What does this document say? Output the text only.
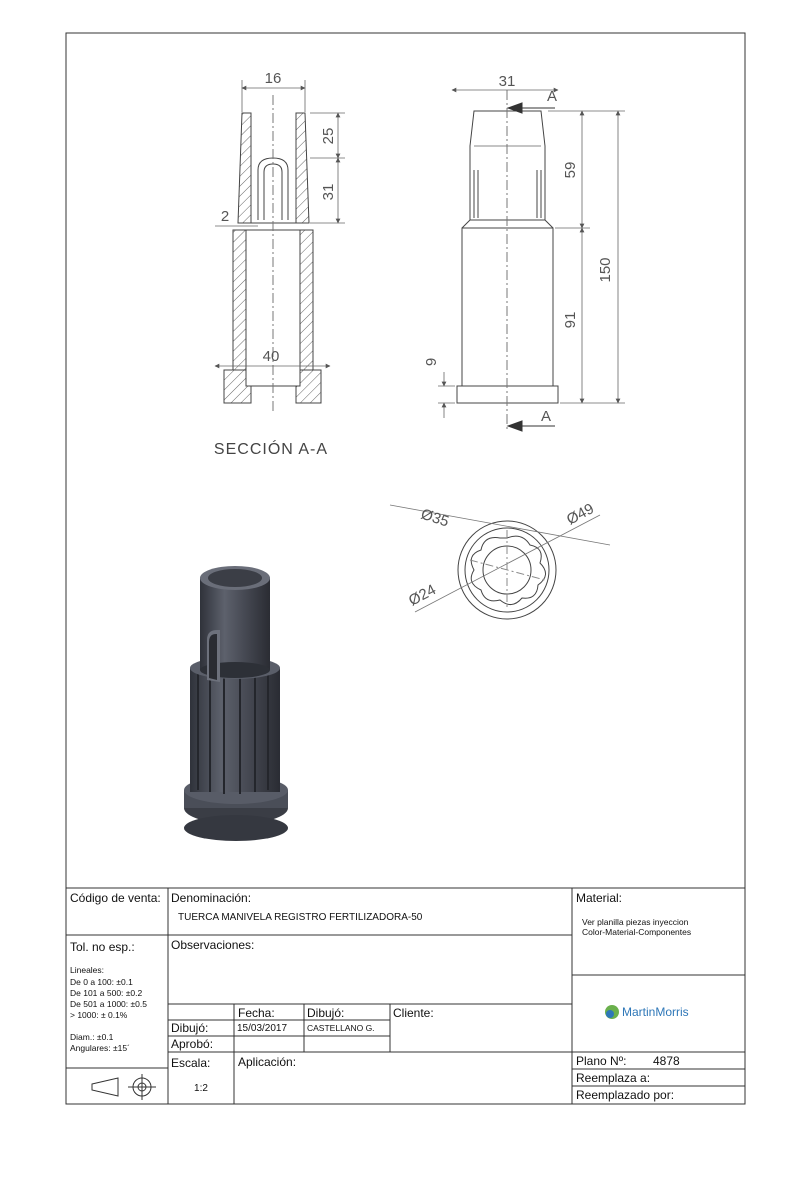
16
25
31
2
40
SECCIÓN A-A
A
A
31
59
91
150
9
Ø35	Ø49
Ø24
Código de venta: Denominación:
TUERCA MANIVELA REGISTRO FERTILIZADORA-50
Material:
Ver planilla piezas inyeccion
Color-Material-Componentes
Tol. no esp.:
Lineales:
De 0 a 100: ±0.1
De 101 a 500: ±0.2
De 501 a 1000: ±0.5
> 1000: ± 0.1%
Diam.: ±0.1
Angulares: ±15´
Observaciones:
Fecha:	Dibujó:	Cliente:
Dibujó:	15/03/2017 CASTELLANO G.
Aprobó:
Escala:
1:2
Aplicación:
MartinMorris
Plano Nº: 4878
Reemplaza a:
Reemplazado por:
